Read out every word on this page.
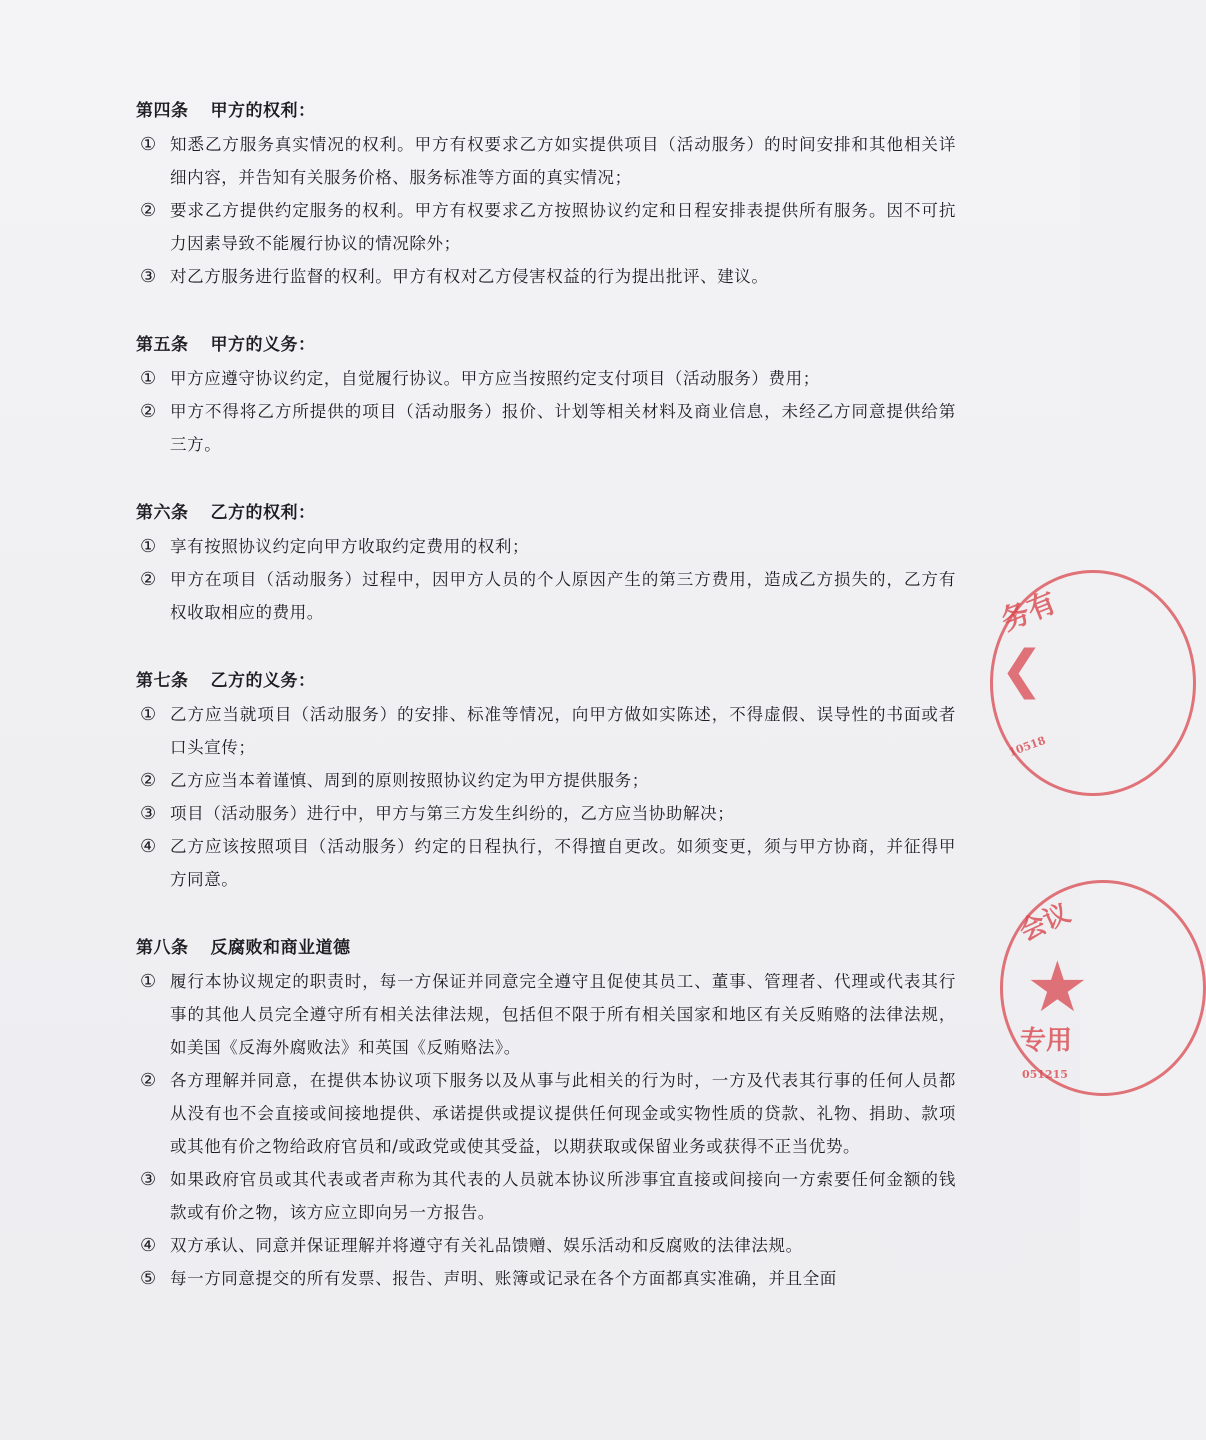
第四条 甲方的权利：
① 知悉乙方服务真实情况的权利。甲方有权要求乙方如实提供项目（活动服务）的时间安排和其他相关详细内容，并告知有关服务价格、服务标准等方面的真实情况；
② 要求乙方提供约定服务的权利。甲方有权要求乙方按照协议约定和日程安排表提供所有服务。因不可抗力因素导致不能履行协议的情况除外；
③ 对乙方服务进行监督的权利。甲方有权对乙方侵害权益的行为提出批评、建议。
第五条 甲方的义务：
① 甲方应遵守协议约定，自觉履行协议。甲方应当按照约定支付项目（活动服务）费用；
② 甲方不得将乙方所提供的项目（活动服务）报价、计划等相关材料及商业信息，未经乙方同意提供给第三方。
第六条 乙方的权利：
① 享有按照协议约定向甲方收取约定费用的权利；
② 甲方在项目（活动服务）过程中，因甲方人员的个人原因产生的第三方费用，造成乙方损失的，乙方有权收取相应的费用。
第七条 乙方的义务：
① 乙方应当就项目（活动服务）的安排、标准等情况，向甲方做如实陈述，不得虚假、误导性的书面或者口头宣传；
② 乙方应当本着谨慎、周到的原则按照协议约定为甲方提供服务；
③ 项目（活动服务）进行中，甲方与第三方发生纠纷的，乙方应当协助解决；
④ 乙方应该按照项目（活动服务）约定的日程执行，不得擅自更改。如须变更，须与甲方协商，并征得甲方同意。
第八条 反腐败和商业道德
① 履行本协议规定的职责时，每一方保证并同意完全遵守且促使其员工、董事、管理者、代理或代表其行事的其他人员完全遵守所有相关法律法规，包括但不限于所有相关国家和地区有关反贿赂的法律法规，如美国《反海外腐败法》和英国《反贿赂法》。
② 各方理解并同意，在提供本协议项下服务以及从事与此相关的行为时，一方及代表其行事的任何人员都从没有也不会直接或间接地提供、承诺提供或提议提供任何现金或实物性质的贷款、礼物、捐助、款项或其他有价之物给政府官员和/或政党或使其受益，以期获取或保留业务或获得不正当优势。
③ 如果政府官员或其代表或者声称为其代表的人员就本协议所涉事宜直接或间接向一方索要任何金额的钱款或有价之物，该方应立即向另一方报告。
④ 双方承认、同意并保证理解并将遵守有关礼品馈赠、娱乐活动和反腐败的法律法规。
⑤ 每一方同意提交的所有发票、报告、声明、账簿或记录在各个方面都真实准确，并且全面
务有
❮
10518
会议
★
专用
051215
